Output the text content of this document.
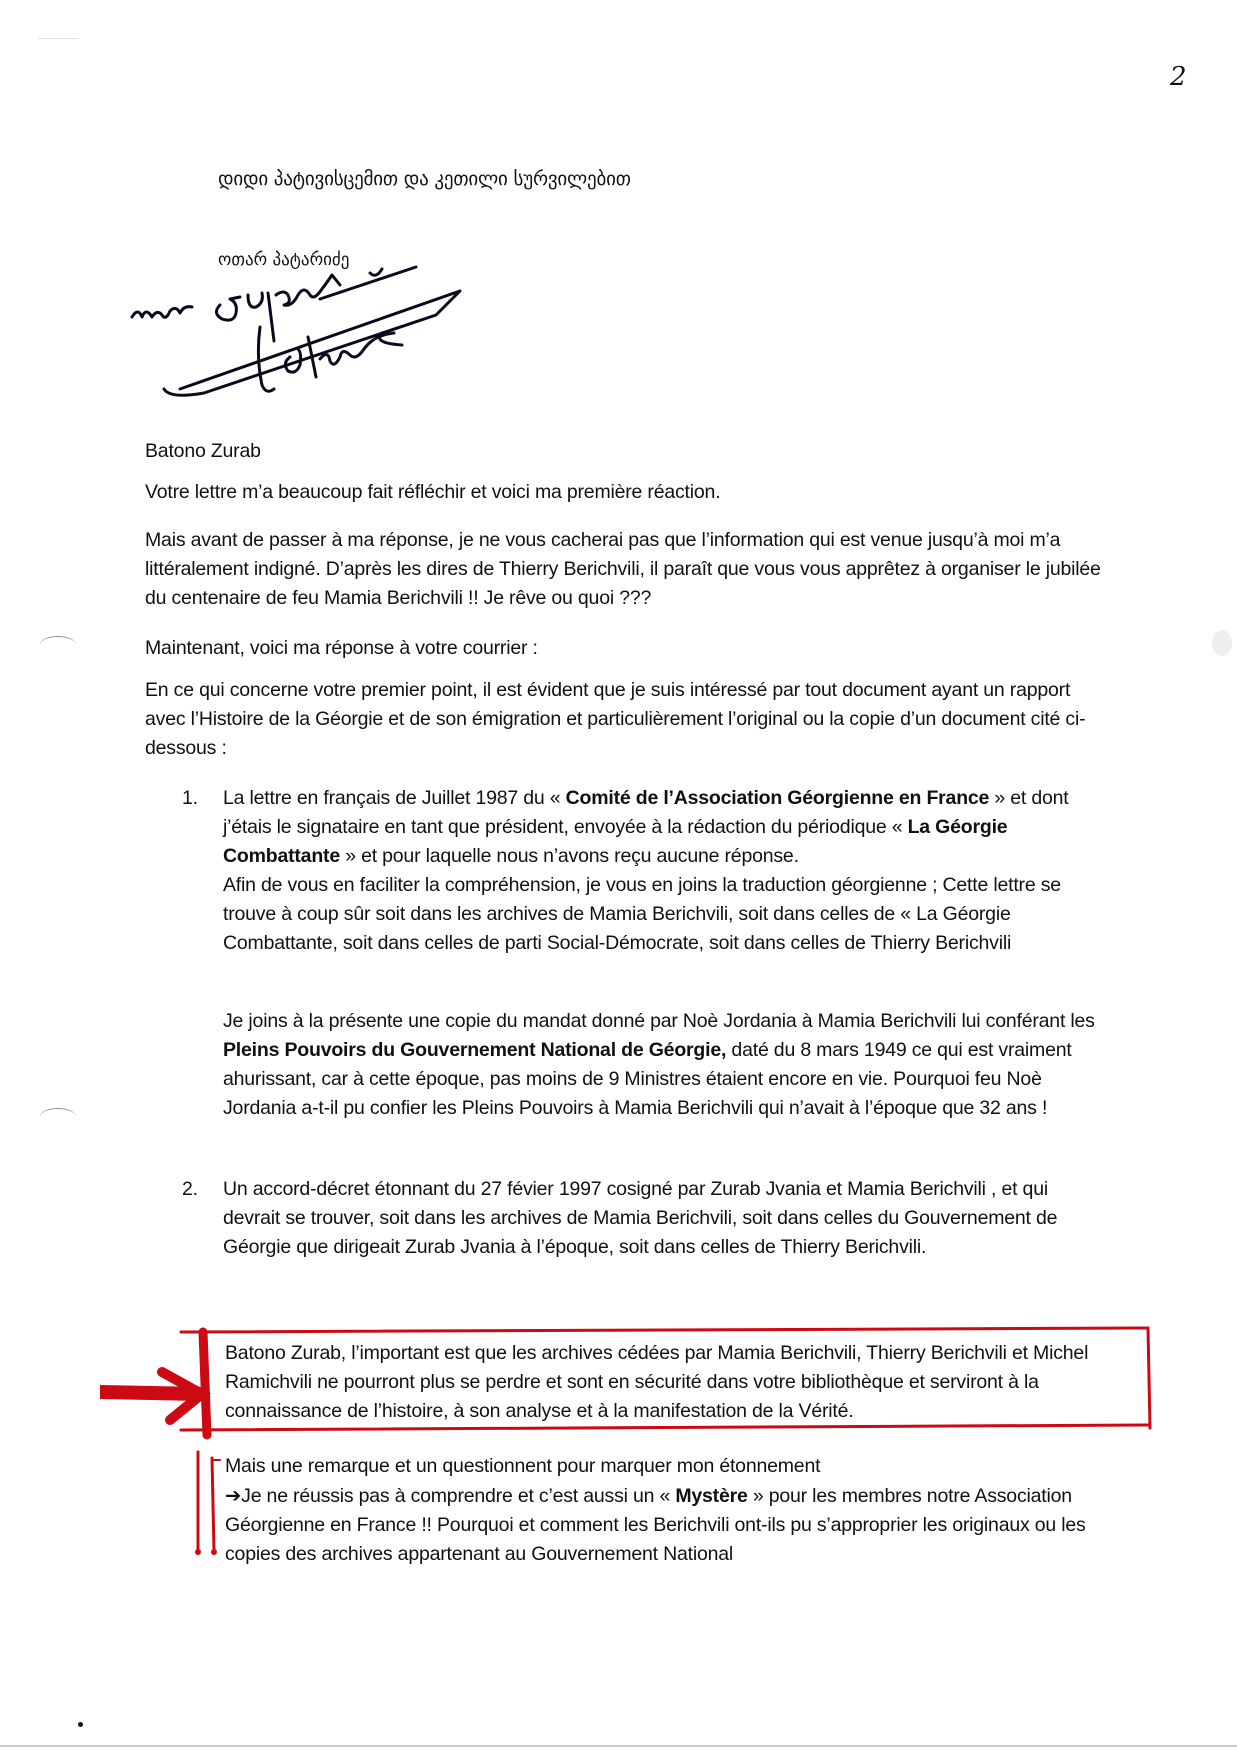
2
დიდი პატივისცემით და კეთილი სურვილებით
ოთარ პატარიძე
Batono Zurab
Votre lettre m’a beaucoup fait réfléchir et voici ma première réaction.
Mais avant de passer à ma réponse, je ne vous cacherai pas que l’information qui est venue jusqu’à moi m’a littéralement indigné. D’après les dires de Thierry Berichvili, il paraît que vous vous apprêtez à organiser le jubilée du centenaire de feu Mamia Berichvili !! Je rêve ou quoi ???
Maintenant, voici ma réponse à votre courrier :
En ce qui concerne votre premier point, il est évident que je suis intéressé par tout document ayant un rapport avec l’Histoire de la Géorgie et de son émigration et particulièrement l’original ou la copie d’un document cité ci-dessous :
1. La lettre en français de Juillet 1987 du « Comité de l’Association Géorgienne en France » et dont j’étais le signataire en tant que président, envoyée à la rédaction du périodique « La Géorgie Combattante » et pour laquelle nous n’avons reçu aucune réponse.
Afin de vous en faciliter la compréhension, je vous en joins la traduction géorgienne ; Cette lettre se trouve à coup sûr soit dans les archives de Mamia Berichvili, soit dans celles de « La Géorgie Combattante, soit dans celles de parti Social-Démocrate, soit dans celles de Thierry Berichvili
Je joins à la présente une copie du mandat donné par Noè Jordania à Mamia Berichvili lui conférant les Pleins Pouvoirs du Gouvernement National de Géorgie, daté du 8 mars 1949 ce qui est vraiment ahurissant, car à cette époque, pas moins de 9 Ministres étaient encore en vie. Pourquoi feu Noè Jordania a-t-il pu confier les Pleins Pouvoirs à Mamia Berichvili qui n’avait à l’époque que 32 ans !
2. Un accord-décret étonnant du 27 févier 1997 cosigné par Zurab Jvania et Mamia Berichvili , et qui devrait se trouver, soit dans les archives de Mamia Berichvili, soit dans celles du Gouvernement de Géorgie que dirigeait Zurab Jvania à l’époque, soit dans celles de Thierry Berichvili.
Batono Zurab, l’important est que les archives cédées par Mamia Berichvili, Thierry Berichvili et Michel Ramichvili ne pourront plus se perdre et sont en sécurité dans votre bibliothèque et serviront à la connaissance de l’histoire, à son analyse et à la manifestation de la Vérité.
Mais une remarque et un questionnent pour marquer mon étonnement
➔Je ne réussis pas à comprendre et c’est aussi un « Mystère » pour les membres notre Association Géorgienne en France !! Pourquoi et comment les Berichvili ont-ils pu s’approprier les originaux ou les copies des archives appartenant au Gouvernement National
